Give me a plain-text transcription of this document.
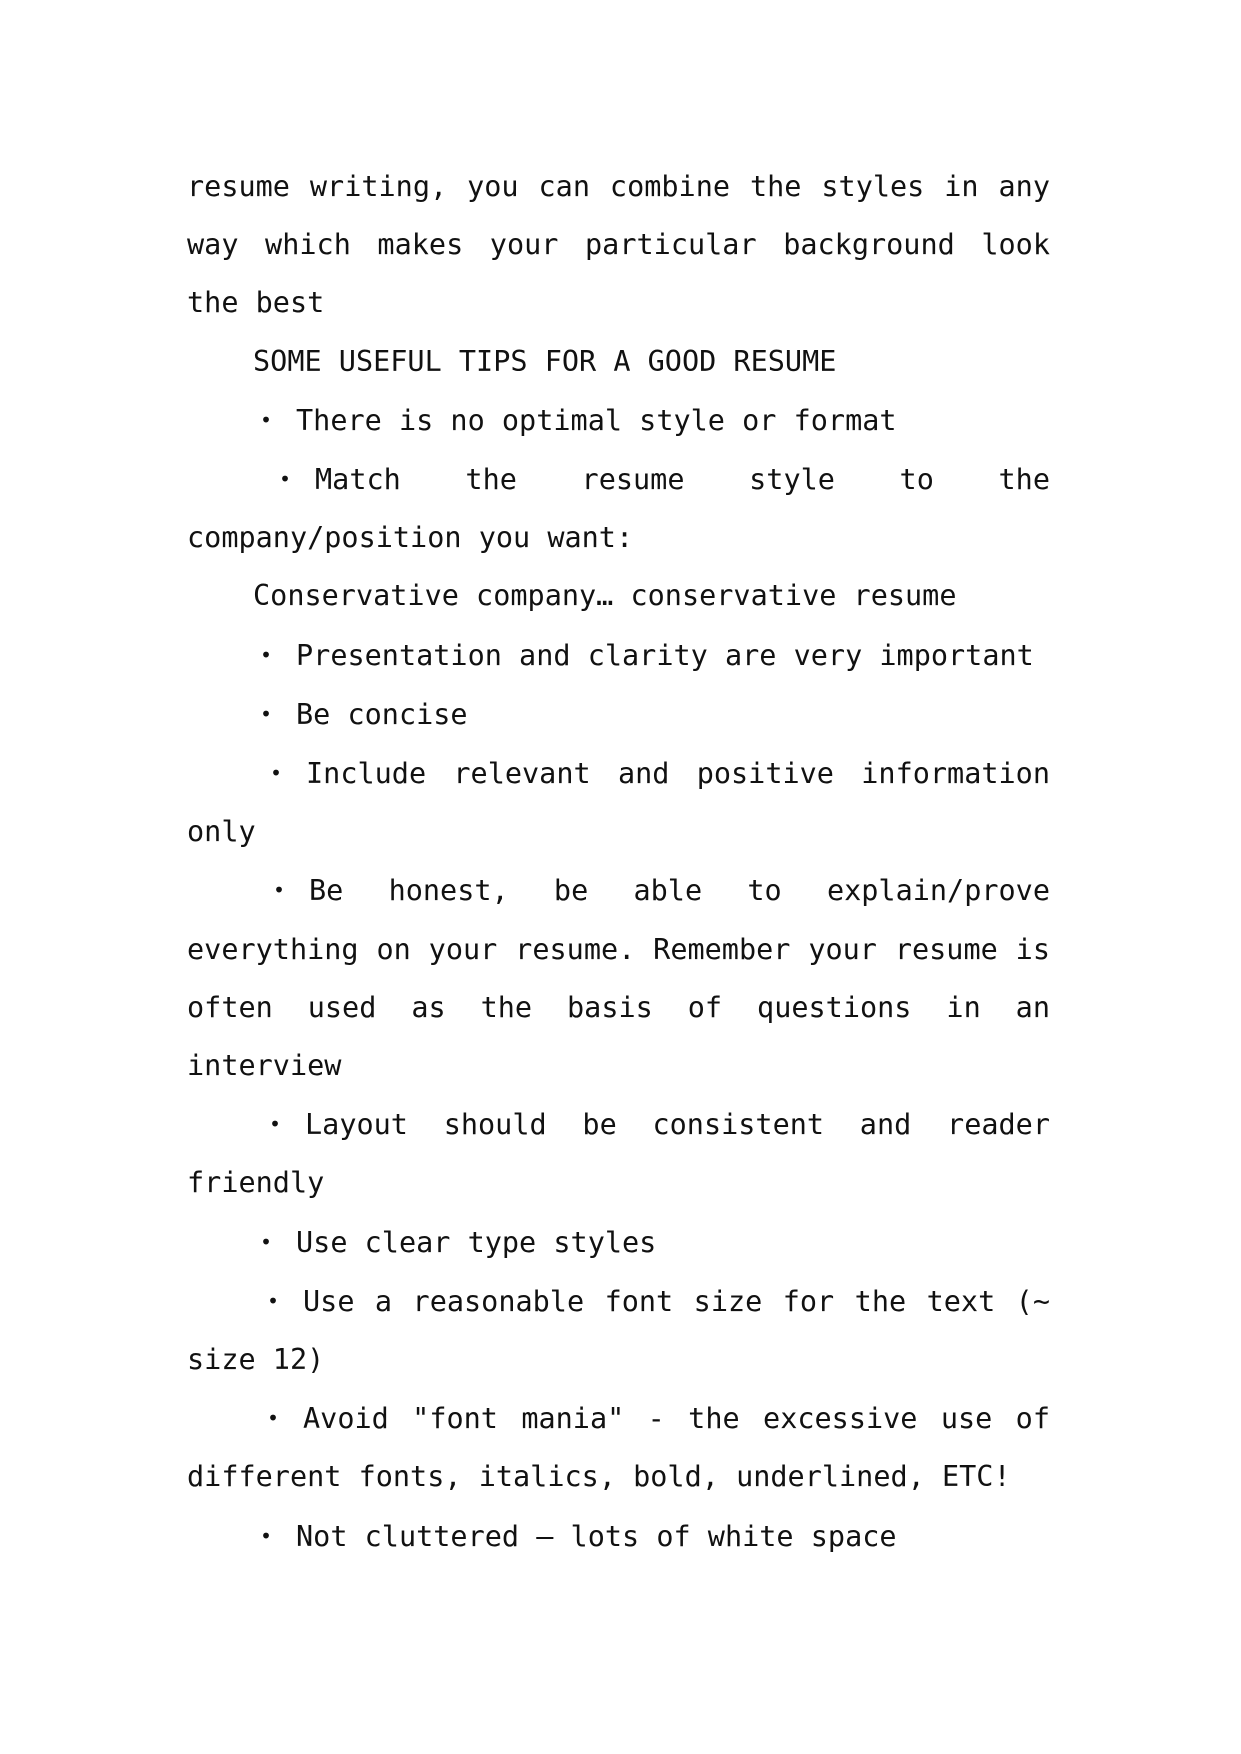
resume writing, you can combine the styles in any way which makes your particular background look the best

SOME USEFUL TIPS FOR A GOOD RESUME

• There is no optimal style or format

• Match the resume style to the company/position you want:

Conservative company… conservative resume

• Presentation and clarity are very important

• Be concise

• Include relevant and positive information only

• Be honest, be able to explain/prove everything on your resume. Remember your resume is often used as the basis of questions in an interview

• Layout should be consistent and reader friendly

• Use clear type styles

• Use a reasonable font size for the text (~ size 12)

• Avoid "font mania" - the excessive use of different fonts, italics, bold, underlined, ETC!

• Not cluttered – lots of white space
